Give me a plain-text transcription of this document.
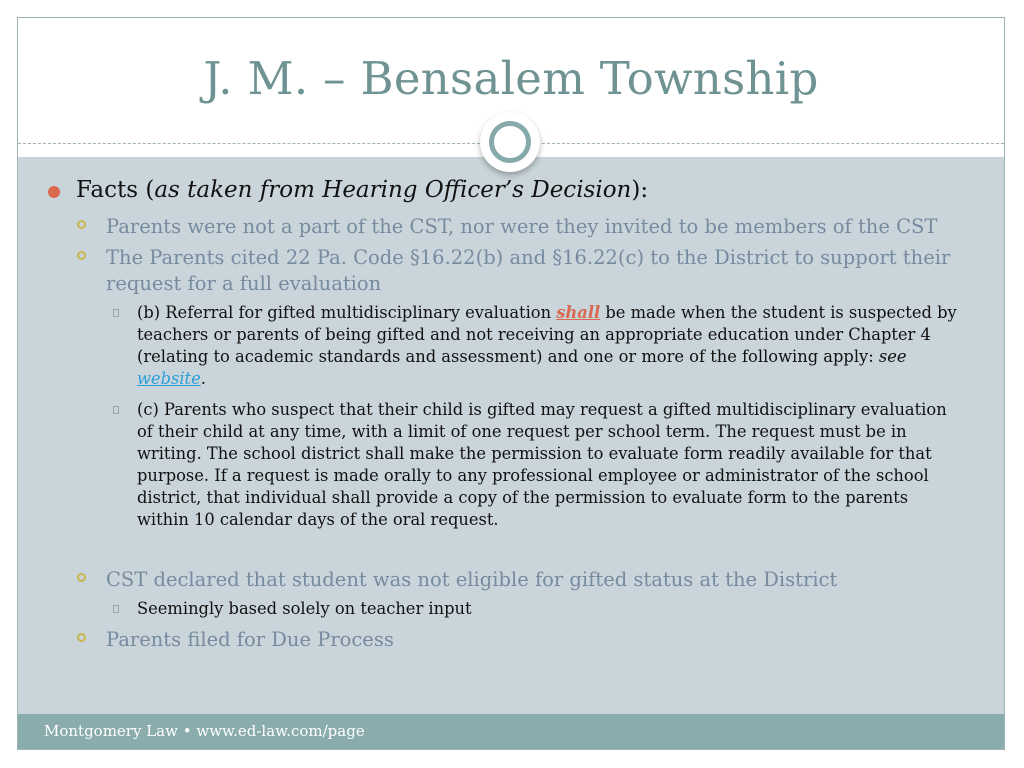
J. M. – Bensalem Township
Facts (as taken from Hearing Officer’s Decision):
Parents were not a part of the CST, nor were they invited to be members of the CST
The Parents cited 22 Pa. Code §16.22(b) and §16.22(c) to the District to support their request for a full evaluation
(b) Referral for gifted multidisciplinary evaluation shall be made when the student is suspected by teachers or parents of being gifted and not receiving an appropriate education under Chapter 4 (relating to academic standards and assessment) and one or more of the following apply: see website.
(c) Parents who suspect that their child is gifted may request a gifted multidisciplinary evaluation of their child at any time, with a limit of one request per school term. The request must be in writing. The school district shall make the permission to evaluate form readily available for that purpose. If a request is made orally to any professional employee or administrator of the school district, that individual shall provide a copy of the permission to evaluate form to the parents within 10 calendar days of the oral request.
CST declared that student was not eligible for gifted status at the District
Seemingly based solely on teacher input
Parents filed for Due Process
Montgomery Law • www.ed-law.com/page
